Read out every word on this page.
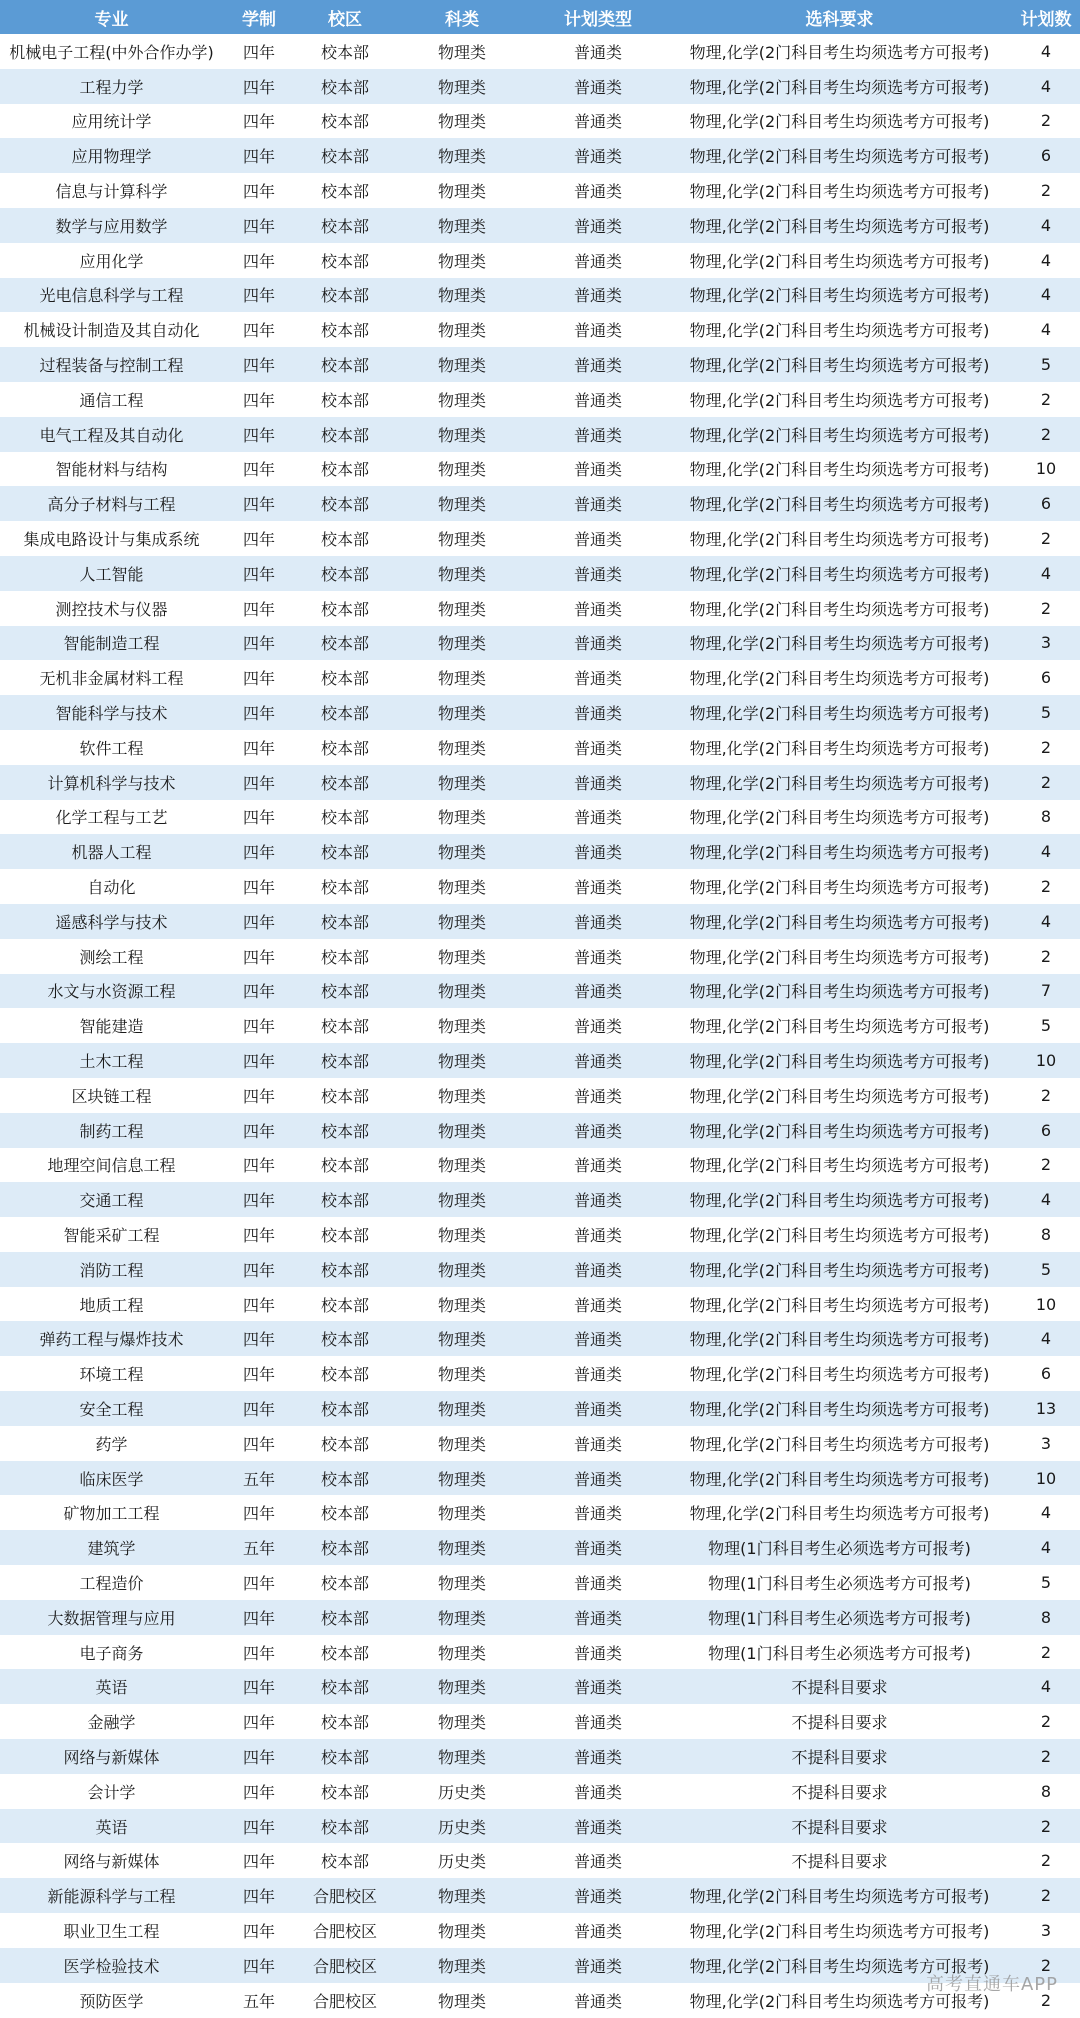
专业	学制	校区	科类	计划类型	选科要求	计划数
机械电子工程(中外合作办学)	四年	校本部	物理类	普通类	物理,化学(2门科目考生均须选考方可报考)	4
工程力学	四年	校本部	物理类	普通类	物理,化学(2门科目考生均须选考方可报考)	4
应用统计学	四年	校本部	物理类	普通类	物理,化学(2门科目考生均须选考方可报考)	2
应用物理学	四年	校本部	物理类	普通类	物理,化学(2门科目考生均须选考方可报考)	6
信息与计算科学	四年	校本部	物理类	普通类	物理,化学(2门科目考生均须选考方可报考)	2
数学与应用数学	四年	校本部	物理类	普通类	物理,化学(2门科目考生均须选考方可报考)	4
应用化学	四年	校本部	物理类	普通类	物理,化学(2门科目考生均须选考方可报考)	4
光电信息科学与工程	四年	校本部	物理类	普通类	物理,化学(2门科目考生均须选考方可报考)	4
机械设计制造及其自动化	四年	校本部	物理类	普通类	物理,化学(2门科目考生均须选考方可报考)	4
过程装备与控制工程	四年	校本部	物理类	普通类	物理,化学(2门科目考生均须选考方可报考)	5
通信工程	四年	校本部	物理类	普通类	物理,化学(2门科目考生均须选考方可报考)	2
电气工程及其自动化	四年	校本部	物理类	普通类	物理,化学(2门科目考生均须选考方可报考)	2
智能材料与结构	四年	校本部	物理类	普通类	物理,化学(2门科目考生均须选考方可报考)	10
高分子材料与工程	四年	校本部	物理类	普通类	物理,化学(2门科目考生均须选考方可报考)	6
集成电路设计与集成系统	四年	校本部	物理类	普通类	物理,化学(2门科目考生均须选考方可报考)	2
人工智能	四年	校本部	物理类	普通类	物理,化学(2门科目考生均须选考方可报考)	4
测控技术与仪器	四年	校本部	物理类	普通类	物理,化学(2门科目考生均须选考方可报考)	2
智能制造工程	四年	校本部	物理类	普通类	物理,化学(2门科目考生均须选考方可报考)	3
无机非金属材料工程	四年	校本部	物理类	普通类	物理,化学(2门科目考生均须选考方可报考)	6
智能科学与技术	四年	校本部	物理类	普通类	物理,化学(2门科目考生均须选考方可报考)	5
软件工程	四年	校本部	物理类	普通类	物理,化学(2门科目考生均须选考方可报考)	2
计算机科学与技术	四年	校本部	物理类	普通类	物理,化学(2门科目考生均须选考方可报考)	2
化学工程与工艺	四年	校本部	物理类	普通类	物理,化学(2门科目考生均须选考方可报考)	8
机器人工程	四年	校本部	物理类	普通类	物理,化学(2门科目考生均须选考方可报考)	4
自动化	四年	校本部	物理类	普通类	物理,化学(2门科目考生均须选考方可报考)	2
遥感科学与技术	四年	校本部	物理类	普通类	物理,化学(2门科目考生均须选考方可报考)	4
测绘工程	四年	校本部	物理类	普通类	物理,化学(2门科目考生均须选考方可报考)	2
水文与水资源工程	四年	校本部	物理类	普通类	物理,化学(2门科目考生均须选考方可报考)	7
智能建造	四年	校本部	物理类	普通类	物理,化学(2门科目考生均须选考方可报考)	5
土木工程	四年	校本部	物理类	普通类	物理,化学(2门科目考生均须选考方可报考)	10
区块链工程	四年	校本部	物理类	普通类	物理,化学(2门科目考生均须选考方可报考)	2
制药工程	四年	校本部	物理类	普通类	物理,化学(2门科目考生均须选考方可报考)	6
地理空间信息工程	四年	校本部	物理类	普通类	物理,化学(2门科目考生均须选考方可报考)	2
交通工程	四年	校本部	物理类	普通类	物理,化学(2门科目考生均须选考方可报考)	4
智能采矿工程	四年	校本部	物理类	普通类	物理,化学(2门科目考生均须选考方可报考)	8
消防工程	四年	校本部	物理类	普通类	物理,化学(2门科目考生均须选考方可报考)	5
地质工程	四年	校本部	物理类	普通类	物理,化学(2门科目考生均须选考方可报考)	10
弹药工程与爆炸技术	四年	校本部	物理类	普通类	物理,化学(2门科目考生均须选考方可报考)	4
环境工程	四年	校本部	物理类	普通类	物理,化学(2门科目考生均须选考方可报考)	6
安全工程	四年	校本部	物理类	普通类	物理,化学(2门科目考生均须选考方可报考)	13
药学	四年	校本部	物理类	普通类	物理,化学(2门科目考生均须选考方可报考)	3
临床医学	五年	校本部	物理类	普通类	物理,化学(2门科目考生均须选考方可报考)	10
矿物加工工程	四年	校本部	物理类	普通类	物理,化学(2门科目考生均须选考方可报考)	4
建筑学	五年	校本部	物理类	普通类	物理(1门科目考生必须选考方可报考)	4
工程造价	四年	校本部	物理类	普通类	物理(1门科目考生必须选考方可报考)	5
大数据管理与应用	四年	校本部	物理类	普通类	物理(1门科目考生必须选考方可报考)	8
电子商务	四年	校本部	物理类	普通类	物理(1门科目考生必须选考方可报考)	2
英语	四年	校本部	物理类	普通类	不提科目要求	4
金融学	四年	校本部	物理类	普通类	不提科目要求	2
网络与新媒体	四年	校本部	物理类	普通类	不提科目要求	2
会计学	四年	校本部	历史类	普通类	不提科目要求	8
英语	四年	校本部	历史类	普通类	不提科目要求	2
网络与新媒体	四年	校本部	历史类	普通类	不提科目要求	2
新能源科学与工程	四年	合肥校区	物理类	普通类	物理,化学(2门科目考生均须选考方可报考)	2
职业卫生工程	四年	合肥校区	物理类	普通类	物理,化学(2门科目考生均须选考方可报考)	3
医学检验技术	四年	合肥校区	物理类	普通类	物理,化学(2门科目考生均须选考方可报考)	2
预防医学	五年	合肥校区	物理类	普通类	物理,化学(2门科目考生均须选考方可报考)	2
高考直通车APP
